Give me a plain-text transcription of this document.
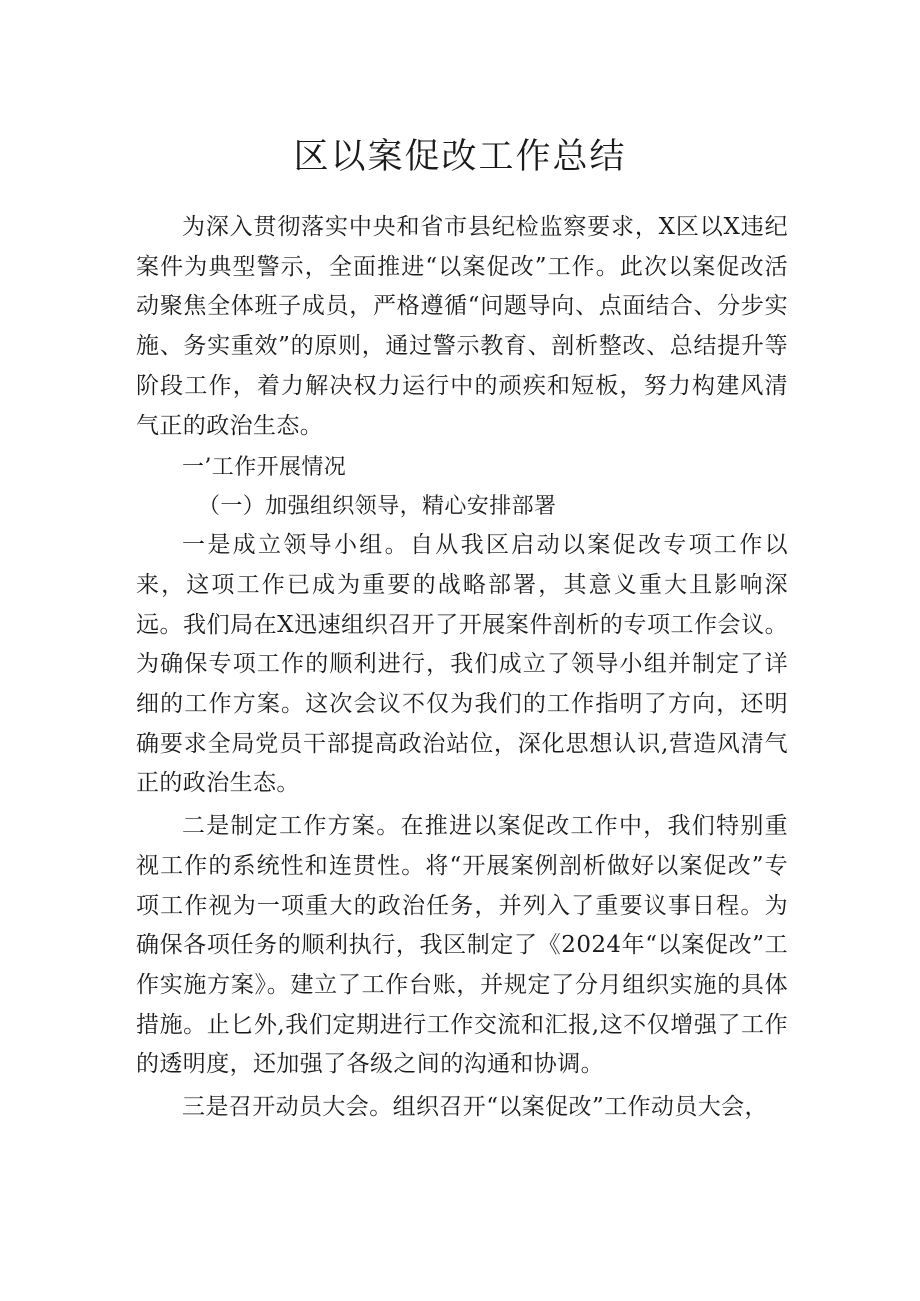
区以案促改工作总结

为深入贯彻落实中央和省市县纪检监察要求，X区以X违纪案件为典型警示，全面推进“以案促改”工作。此次以案促改活动聚焦全体班子成员，严格遵循“问题导向、点面结合、分步实施、务实重效”的原则，通过警示教育、剖析整改、总结提升等阶段工作，着力解决权力运行中的顽疾和短板，努力构建风清气正的政治生态。

一’工作开展情况

（一）加强组织领导，精心安排部署

一是成立领导小组。自从我区启动以案促改专项工作以来，这项工作已成为重要的战略部署，其意义重大且影响深远。我们局在X迅速组织召开了开展案件剖析的专项工作会议。为确保专项工作的顺利进行，我们成立了领导小组并制定了详细的工作方案。这次会议不仅为我们的工作指明了方向，还明确要求全局党员干部提高政治站位，深化思想认识,营造风清气正的政治生态。

二是制定工作方案。在推进以案促改工作中，我们特别重视工作的系统性和连贯性。将“开展案例剖析做好以案促改”专项工作视为一项重大的政治任务，并列入了重要议事日程。为确保各项任务的顺利执行，我区制定了《2024年“以案促改”工作实施方案》。建立了工作台账，并规定了分月组织实施的具体措施。止匕外,我们定期进行工作交流和汇报,这不仅增强了工作的透明度，还加强了各级之间的沟通和协调。

三是召开动员大会。组织召开“以案促改”工作动员大会，
